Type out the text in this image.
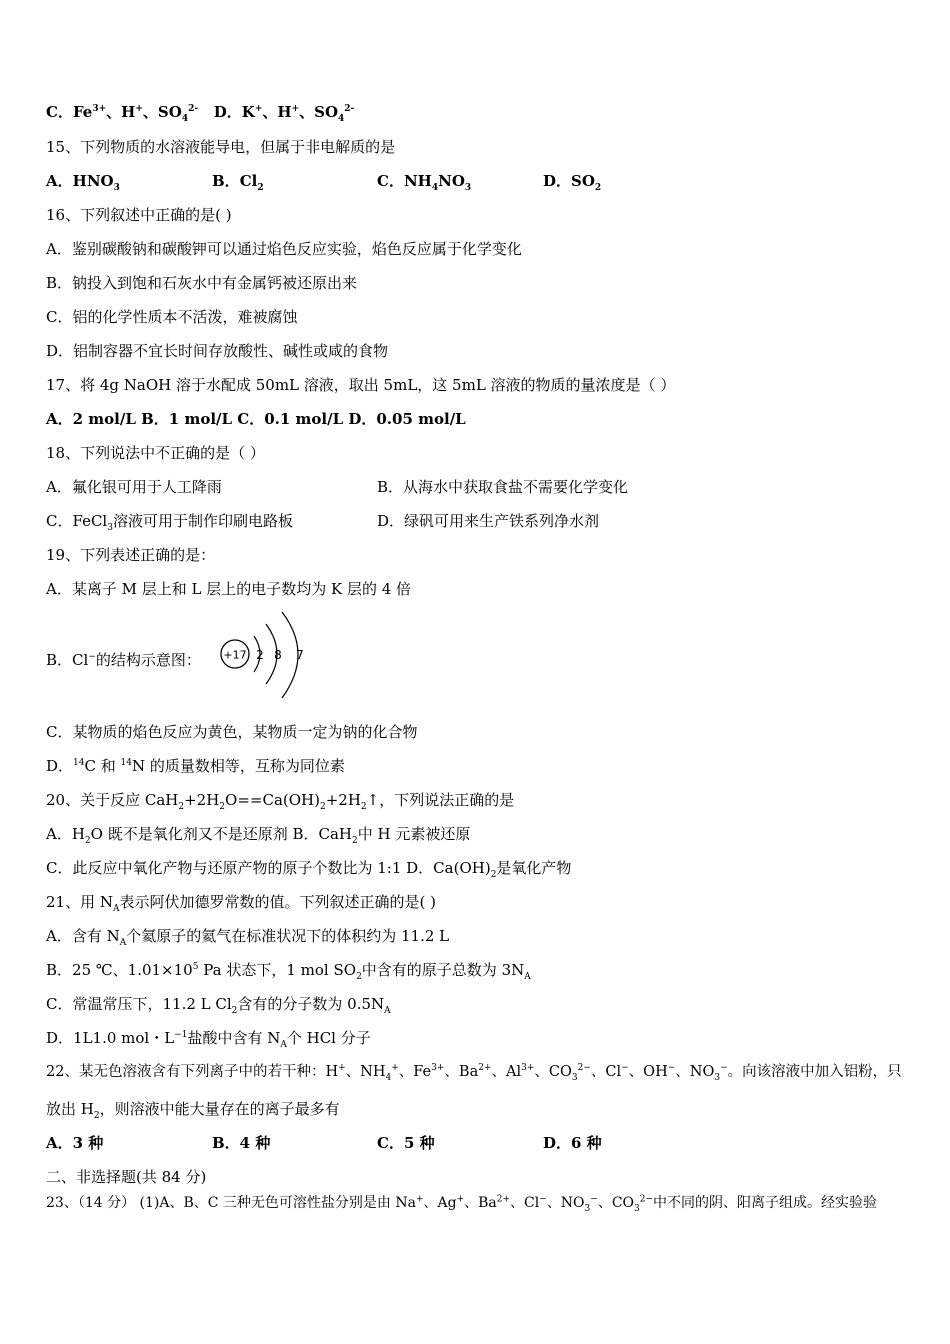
C．$Fe^{3+}$、H+、$SO_4^{2-}$ D．K+、H+、$SO_4^{2-}$
15、下列物质的水溶液能导电，但属于非电解质的是
A．$HNO_3$	B．$Cl_2$	C．$NH_4NO_3$	D．$SO_2$
16、下列叙述中正确的是( )
A．鉴别碳酸钠和碳酸钾可以通过焰色反应实验，焰色反应属于化学变化
B．钠投入到饱和石灰水中有金属钙被还原出来
C．铝的化学性质本不活泼，难被腐蚀
D．铝制容器不宜长时间存放酸性、碱性或咸的食物
17、将 4g NaOH 溶于水配成 50mL 溶液，取出 5mL，这 5mL 溶液的物质的量浓度是（ ）
A．2 mol/L B．1 mol/L C．0.1 mol/L D．0.05 mol/L
18、下列说法中不正确的是（ ）
A．氟化银可用于人工降雨	B．从海水中获取食盐不需要化学变化
C．FeCl$_3$溶液可用于制作印刷电路板	D．绿矾可用来生产铁系列净水剂
19、下列表述正确的是：
A．某离子 M 层上和 L 层上的电子数均为 K 层的 4 倍
B．Cl−的结构示意图： +17 2 8 7
C．某物质的焰色反应为黄色，某物质一定为钠的化合物
D．$^{14}$C 和 $^{14}$N 的质量数相等，互称为同位素
20、关于反应 $CaH_2+2H_2O==Ca(OH)_2+2H_2↑$，下列说法正确的是
A．$H_2O$ 既不是氧化剂又不是还原剂 B．CaH$_2$中 H 元素被还原
C．此反应中氧化产物与还原产物的原子个数比为 1:1 D．$Ca(OH)_2$是氧化产物
21、用 $N_A$表示阿伏加德罗常数的值。下列叙述正确的是( )
A．含有 $N_A$个氦原子的氦气在标准状况下的体积约为 11.2 L
B．25 ℃、$1.01\times 10^5$ Pa 状态下，1 mol $SO_2$中含有的原子总数为 $3N_A$
C．常温常压下，11.2 L $Cl_2$含有的分子数为 $0.5N_A$
D．1L1.0 mol・$L^{-1}$盐酸中含有 $N_A$个 HCl 分子
22、某无色溶液含有下列离子中的若干种：H+、$NH_4^+$、$Fe^{3+}$、$Ba^{2+}$、$Al^{3+}$、$CO_3^{2-}$、Cl−、OH−、$NO_3^-$。向该溶液中加入铝粉，只
放出 $H_2$，则溶液中能大量存在的离子最多有
A．3 种	B．4 种	C．5 种	D．6 种
二、非选择题(共 84 分)
23、（14 分） (1)A、B、C 三种无色可溶性盐分别是由 Na+、Ag+、$Ba^{2+}$、Cl−、$NO_3^-$、$CO_3^{2-}$中不同的阴、阳离子组成。经实验验
